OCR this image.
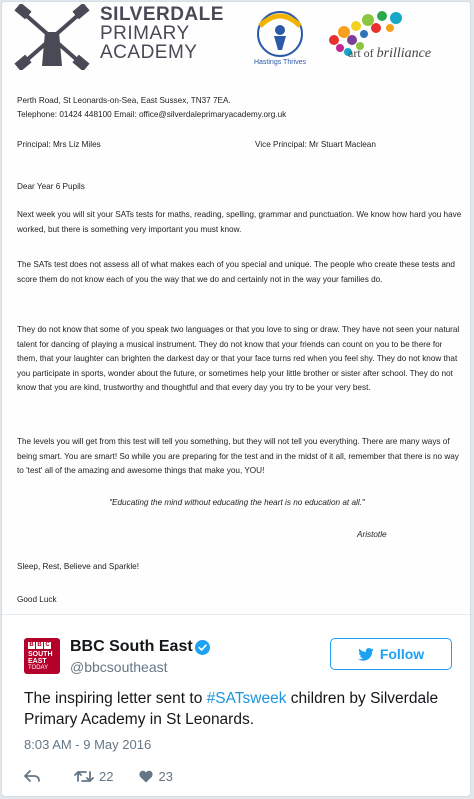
SILVERDALE
PRIMARY
ACADEMY	Hastings Thrives
art of brilliance
Perth Road, St Leonards-on-Sea, East Sussex, TN37 7EA.
Telephone: 01424 448100 Email: office@silverdaleprimaryacademy.org.uk
Principal: Mrs Liz Miles	Vice Principal: Mr Stuart Maclean
Dear Year 6 Pupils
Next week you will sit your SATs tests for maths, reading, spelling, grammar and punctuation. We know how hard you have worked, but there is something very important you must know.
The SATs test does not assess all of what makes each of you special and unique. The people who create these tests and score them do not know each of you the way that we do and certainly not in the way your families do.
They do not know that some of you speak two languages or that you love to sing or draw. They have not seen your natural talent for dancing of playing a musical instrument. They do not know that your friends can count on you to be there for them, that your laughter can brighten the darkest day or that your face turns red when you feel shy. They do not know that you participate in sports, wonder about the future, or sometimes help your little brother or sister after school. They do not know that you are kind, trustworthy and thoughtful and that every day you try to be your very best.
The levels you will get from this test will tell you something, but they will not tell you everything. There are many ways of being smart. You are smart! So while you are preparing for the test and in the midst of it all, remember that there is no way to 'test' all of the amazing and awesome things that make you, YOU!
"Educating the mind without educating the heart is no education at all."
Aristotle
Sleep, Rest, Believe and Sparkle!
Good Luck
B B C
SOUTH
EAST
TODAY
BBC South East
@bbcsoutheast
Follow
The inspiring letter sent to #SATsweek children by Silverdale Primary Academy in St Leonards.
8:03 AM - 9 May 2016
22	23
